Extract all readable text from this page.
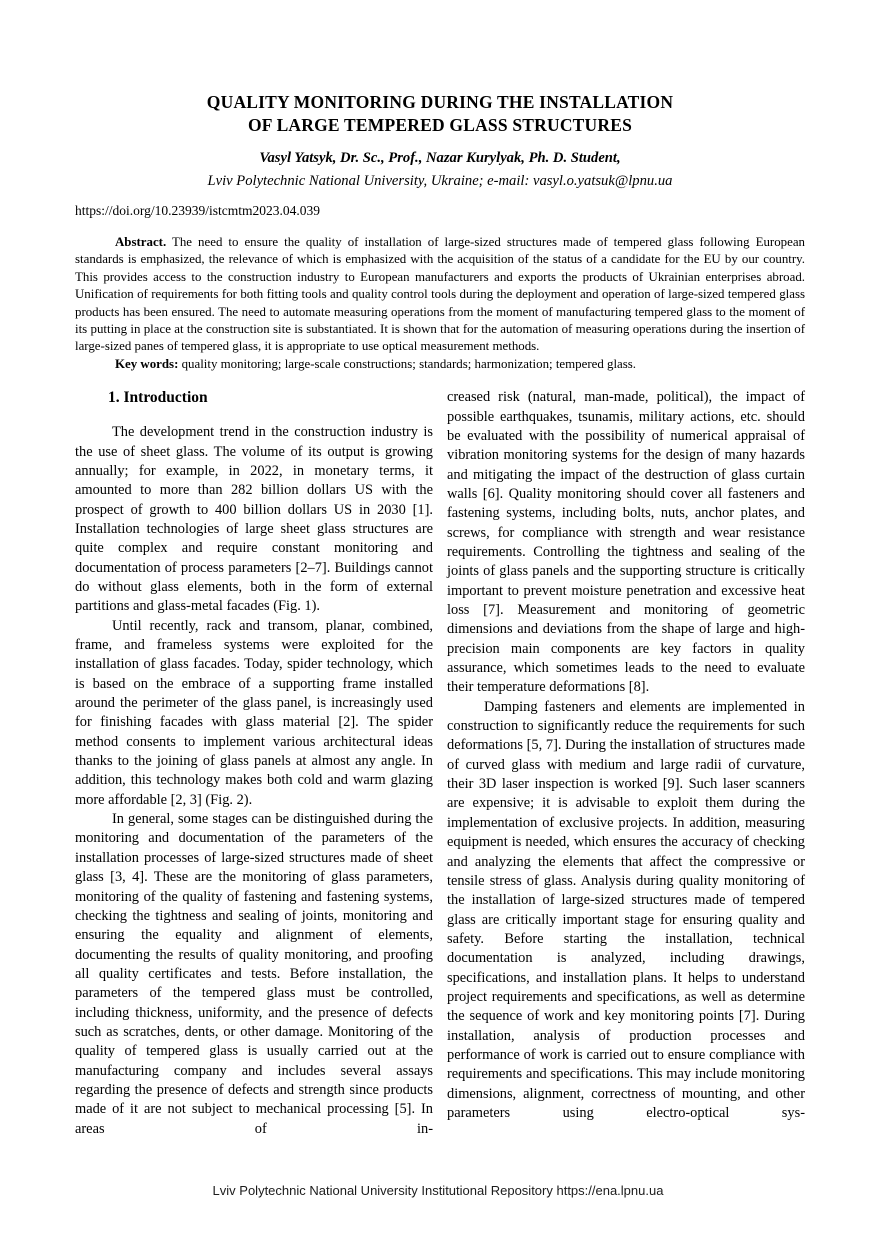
QUALITY MONITORING DURING THE INSTALLATION
OF LARGE TEMPERED GLASS STRUCTURES
Vasyl Yatsyk, Dr. Sc., Prof., Nazar Kurylyak, Ph. D. Student,
Lviv Polytechnic National University, Ukraine; e-mail: vasyl.o.yatsuk@lpnu.ua
https://doi.org/10.23939/istcmtm2023.04.039

Abstract. The need to ensure the quality of installation of large-sized structures made of tempered glass following European standards is emphasized, the relevance of which is emphasized with the acquisition of the status of a candidate for the EU by our country. This provides access to the construction industry to European manufacturers and exports the products of Ukrainian enterprises abroad. Unification of requirements for both fitting tools and quality control tools during the deployment and operation of large-sized tempered glass products has been ensured. The need to automate measuring operations from the moment of manufacturing tempered glass to the moment of its putting in place at the construction site is substantiated. It is shown that for the automation of measuring operations during the insertion of large-sized panes of tempered glass, it is appropriate to use optical measurement methods.

Key words: quality monitoring; large-scale constructions; standards; harmonization; tempered glass.

1. Introduction

The development trend in the construction industry is the use of sheet glass. The volume of its output is growing annually; for example, in 2022, in monetary terms, it amounted to more than 282 billion dollars US with the prospect of growth to 400 billion dollars US in 2030 [1]. Installation technologies of large sheet glass structures are quite complex and require constant monitoring and documentation of process parameters [2–7]. Buildings cannot do without glass elements, both in the form of external partitions and glass-metal facades (Fig. 1).

Until recently, rack and transom, planar, combined, frame, and frameless systems were exploited for the installation of glass facades. Today, spider technology, which is based on the embrace of a supporting frame installed around the perimeter of the glass panel, is increasingly used for finishing facades with glass material [2]. The spider method consents to implement various architectural ideas thanks to the joining of glass panels at almost any angle. In addition, this technology makes both cold and warm glazing more affordable [2, 3] (Fig. 2).

In general, some stages can be distinguished during the monitoring and documentation of the parameters of the installation processes of large-sized structures made of sheet glass [3, 4]. These are the monitoring of glass parameters, monitoring of the quality of fastening and fastening systems, checking the tightness and sealing of joints, monitoring and ensuring the equality and alignment of elements, documenting the results of quality monitoring, and proofing all quality certificates and tests. Before installation, the parameters of the tempered glass must be controlled, including thickness, uniformity, and the presence of defects such as scratches, dents, or other damage. Monitoring of the quality of tempered glass is usually carried out at the manufacturing company and includes several assays regarding the presence of defects and strength since products made of it are not subject to mechanical processing [5]. In areas of in-

creased risk (natural, man-made, political), the impact of possible earthquakes, tsunamis, military actions, etc. should be evaluated with the possibility of numerical appraisal of vibration monitoring systems for the design of many hazards and mitigating the impact of the destruction of glass curtain walls [6]. Quality monitoring should cover all fasteners and fastening systems, including bolts, nuts, anchor plates, and screws, for compliance with strength and wear resistance requirements. Controlling the tightness and sealing of the joints of glass panels and the supporting structure is critically important to prevent moisture penetration and excessive heat loss [7]. Measurement and monitoring of geometric dimensions and deviations from the shape of large and high-precision main components are key factors in quality assurance, which sometimes leads to the need to evaluate their temperature deformations [8].

Damping fasteners and elements are implemented in construction to significantly reduce the requirements for such deformations [5, 7]. During the installation of structures made of curved glass with medium and large radii of curvature, their 3D laser inspection is worked [9]. Such laser scanners are expensive; it is advisable to exploit them during the implementation of exclusive projects. In addition, measuring equipment is needed, which ensures the accuracy of checking and analyzing the elements that affect the compressive or tensile stress of glass. Analysis during quality monitoring of the installation of large-sized structures made of tempered glass are critically important stage for ensuring quality and safety. Before starting the installation, technical documentation is analyzed, including drawings, specifications, and installation plans. It helps to understand project requirements and specifications, as well as determine the sequence of work and key monitoring points [7]. During installation, analysis of production processes and performance of work is carried out to ensure compliance with requirements and specifications. This may include monitoring dimensions, alignment, correctness of mounting, and other parameters using electro-optical sys-

Lviv Polytechnic National University Institutional Repository https://ena.lpnu.ua
